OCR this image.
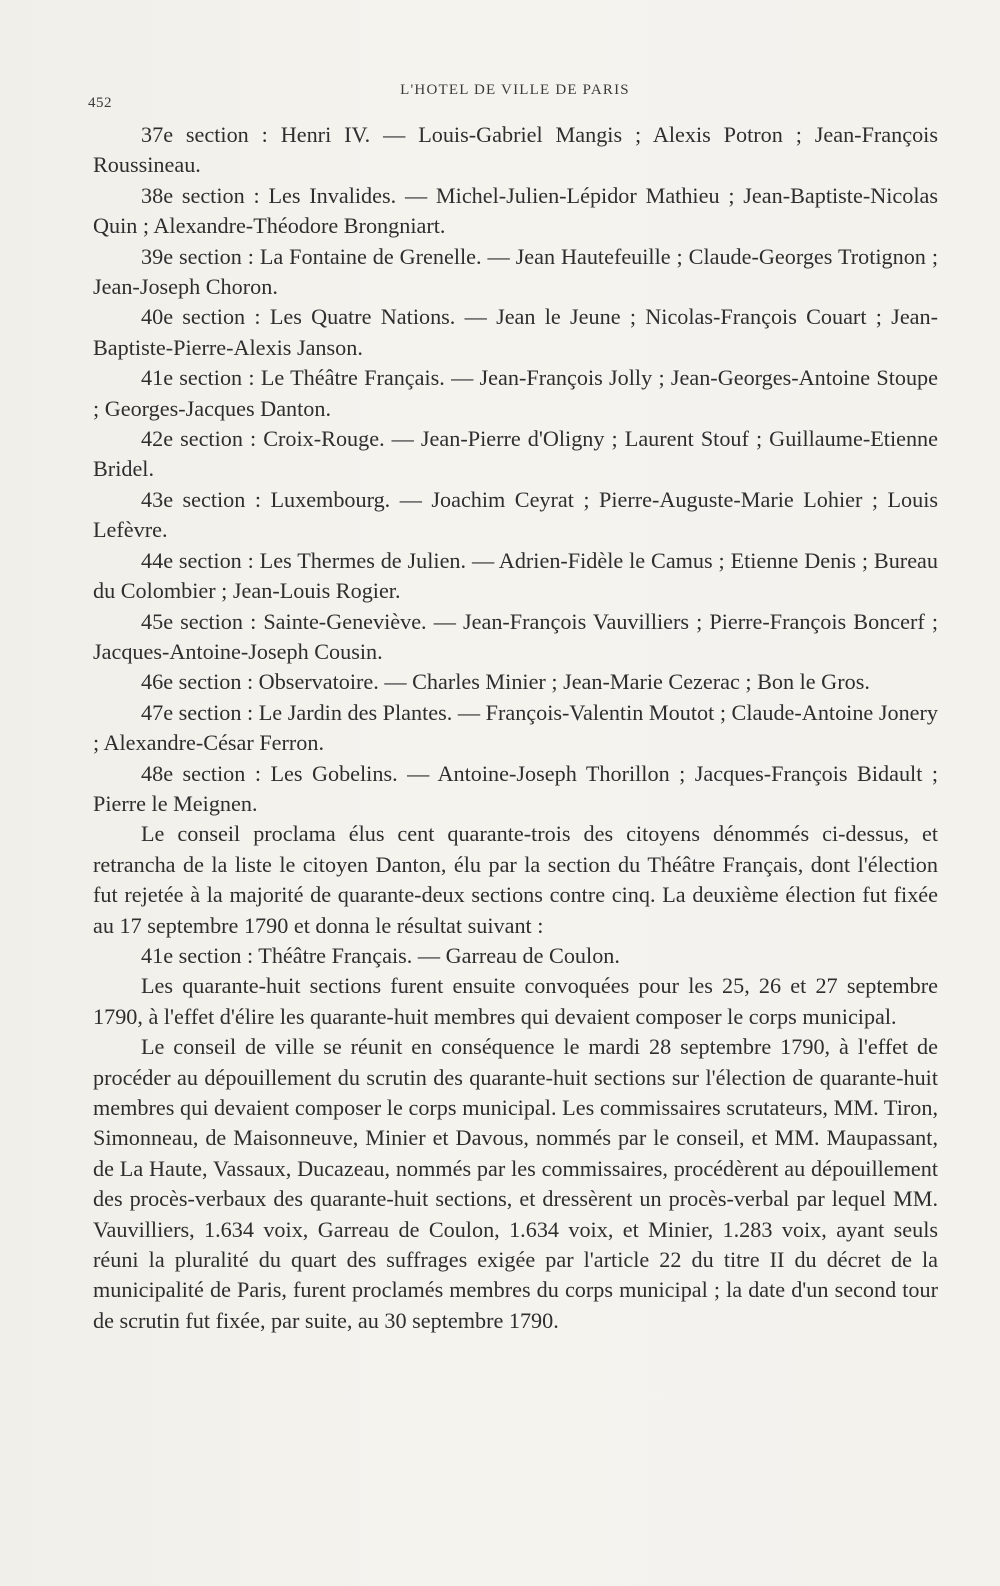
452
L'HOTEL DE VILLE DE PARIS

37e section : Henri IV. — Louis-Gabriel Mangis ; Alexis Potron ; Jean-François Roussineau.

38e section : Les Invalides. — Michel-Julien-Lépidor Mathieu ; Jean-Baptiste-Nicolas Quin ; Alexandre-Théodore Brongniart.

39e section : La Fontaine de Grenelle. — Jean Hautefeuille ; Claude-Georges Trotignon ; Jean-Joseph Choron.

40e section : Les Quatre Nations. — Jean le Jeune ; Nicolas-François Couart ; Jean-Baptiste-Pierre-Alexis Janson.

41e section : Le Théâtre Français. — Jean-François Jolly ; Jean-Georges-Antoine Stoupe ; Georges-Jacques Danton.

42e section : Croix-Rouge. — Jean-Pierre d'Oligny ; Laurent Stouf ; Guillaume-Etienne Bridel.

43e section : Luxembourg. — Joachim Ceyrat ; Pierre-Auguste-Marie Lohier ; Louis Lefèvre.

44e section : Les Thermes de Julien. — Adrien-Fidèle le Camus ; Etienne Denis ; Bureau du Colombier ; Jean-Louis Rogier.

45e section : Sainte-Geneviève. — Jean-François Vauvilliers ; Pierre-François Boncerf ; Jacques-Antoine-Joseph Cousin.

46e section : Observatoire. — Charles Minier ; Jean-Marie Cezerac ; Bon le Gros.

47e section : Le Jardin des Plantes. — François-Valentin Moutot ; Claude-Antoine Jonery ; Alexandre-César Ferron.

48e section : Les Gobelins. — Antoine-Joseph Thorillon ; Jacques-François Bidault ; Pierre le Meignen.

Le conseil proclama élus cent quarante-trois des citoyens dénommés ci-dessus, et retrancha de la liste le citoyen Danton, élu par la section du Théâtre Français, dont l'élection fut rejetée à la majorité de quarante-deux sections contre cinq. La deuxième élection fut fixée au 17 septembre 1790 et donna le résultat suivant :

41e section : Théâtre Français. — Garreau de Coulon.

Les quarante-huit sections furent ensuite convoquées pour les 25, 26 et 27 septembre 1790, à l'effet d'élire les quarante-huit membres qui devaient composer le corps municipal.

Le conseil de ville se réunit en conséquence le mardi 28 septembre 1790, à l'effet de procéder au dépouillement du scrutin des quarante-huit sections sur l'élection de quarante-huit membres qui devaient composer le corps municipal. Les commissaires scrutateurs, MM. Tiron, Simonneau, de Maisonneuve, Minier et Davous, nommés par le conseil, et MM. Maupassant, de La Haute, Vassaux, Ducazeau, nommés par les commissaires, procédèrent au dépouillement des procès-verbaux des quarante-huit sections, et dressèrent un procès-verbal par lequel MM. Vauvilliers, 1.634 voix, Garreau de Coulon, 1.634 voix, et Minier, 1.283 voix, ayant seuls réuni la pluralité du quart des suffrages exigée par l'article 22 du titre II du décret de la municipalité de Paris, furent proclamés membres du corps municipal ; la date d'un second tour de scrutin fut fixée, par suite, au 30 septembre 1790.
